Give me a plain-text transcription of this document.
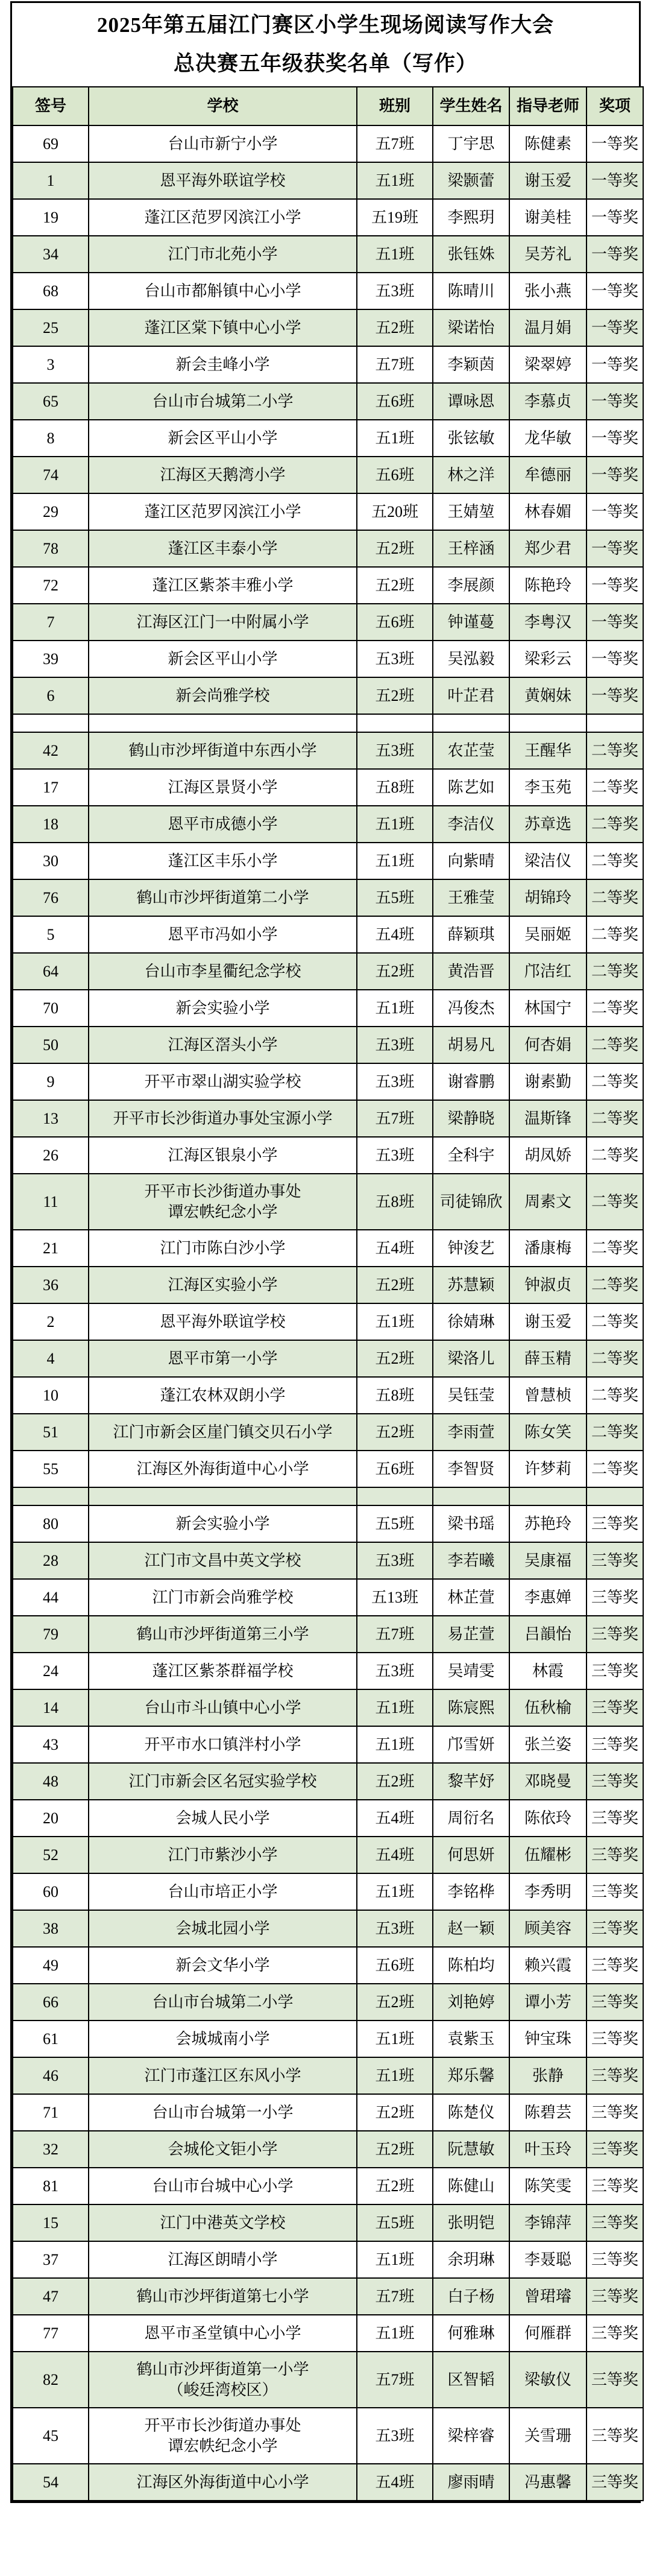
2025年第五届江门赛区小学生现场阅读写作大会
总决赛五年级获奖名单（写作）
签号	学校	班别	学生姓名	指导老师	奖项
69	台山市新宁小学	五7班	丁宇思	陈健素	一等奖
1	恩平海外联谊学校	五1班	梁颢蕾	谢玉爱	一等奖
19	蓬江区范罗冈滨江小学	五19班	李熙玥	谢美桂	一等奖
34	江门市北苑小学	五1班	张钰姝	吴芳礼	一等奖
68	台山市都斛镇中心小学	五3班	陈晴川	张小燕	一等奖
25	蓬江区棠下镇中心小学	五2班	梁诺怡	温月娟	一等奖
3	新会圭峰小学	五7班	李颖茵	梁翠婷	一等奖
65	台山市台城第二小学	五6班	谭咏恩	李慕贞	一等奖
8	新会区平山小学	五1班	张铉敏	龙华敏	一等奖
74	江海区天鹅湾小学	五6班	林之洋	牟德丽	一等奖
29	蓬江区范罗冈滨江小学	五20班	王婧堃	林春媚	一等奖
78	蓬江区丰泰小学	五2班	王梓涵	郑少君	一等奖
72	蓬江区紫茶丰雅小学	五2班	李展颜	陈艳玲	一等奖
7	江海区江门一中附属小学	五6班	钟谨蔓	李粤汉	一等奖
39	新会区平山小学	五3班	吴泓毅	梁彩云	一等奖
6	新会尚雅学校	五2班	叶芷君	黄娴妹	一等奖

42	鹤山市沙坪街道中东西小学	五3班	农芷莹	王醒华	二等奖
17	江海区景贤小学	五8班	陈艺如	李玉苑	二等奖
18	恩平市成德小学	五1班	李洁仪	苏章选	二等奖
30	蓬江区丰乐小学	五1班	向紫晴	梁洁仪	二等奖
76	鹤山市沙坪街道第二小学	五5班	王雅莹	胡锦玲	二等奖
5	恩平市冯如小学	五4班	薛颖琪	吴丽姬	二等奖
64	台山市李星衢纪念学校	五2班	黄浩晋	邝洁红	二等奖
70	新会实验小学	五1班	冯俊杰	林国宁	二等奖
50	江海区滘头小学	五3班	胡易凡	何杏娟	二等奖
9	开平市翠山湖实验学校	五3班	谢睿鹏	谢素勤	二等奖
13	开平市长沙街道办事处宝源小学	五7班	梁静晓	温斯锋	二等奖
26	江海区银泉小学	五3班	全科宇	胡凤娇	二等奖
11	开平市长沙街道办事处
谭宏帙纪念小学	五8班	司徒锦欣	周素文	二等奖
21	江门市陈白沙小学	五4班	钟浚艺	潘康梅	二等奖
36	江海区实验小学	五2班	苏慧颖	钟淑贞	二等奖
2	恩平海外联谊学校	五1班	徐婧琳	谢玉爱	二等奖
4	恩平市第一小学	五2班	梁洛儿	薛玉精	二等奖
10	蓬江农林双朗小学	五8班	吴钰莹	曾慧桢	二等奖
51	江门市新会区崖门镇交贝石小学	五2班	李雨萱	陈女笑	二等奖
55	江海区外海街道中心小学	五6班	李智贤	许梦莉	二等奖

80	新会实验小学	五5班	梁书瑶	苏艳玲	三等奖
28	江门市文昌中英文学校	五3班	李若曦	吴康福	三等奖
44	江门市新会尚雅学校	五13班	林芷萱	李惠婵	三等奖
79	鹤山市沙坪街道第三小学	五7班	易芷萱	吕韻怡	三等奖
24	蓬江区紫茶群福学校	五3班	吴靖雯	林霞	三等奖
14	台山市斗山镇中心小学	五1班	陈宸熙	伍秋榆	三等奖
43	开平市水口镇泮村小学	五1班	邝雪妍	张兰姿	三等奖
48	江门市新会区名冠实验学校	五2班	黎芊妤	邓晓曼	三等奖
20	会城人民小学	五4班	周衍名	陈依玲	三等奖
52	江门市紫沙小学	五4班	何思妍	伍耀彬	三等奖
60	台山市培正小学	五1班	李铭桦	李秀明	三等奖
38	会城北园小学	五3班	赵一颖	顾美容	三等奖
49	新会文华小学	五6班	陈柏均	赖兴霞	三等奖
66	台山市台城第二小学	五2班	刘艳婷	谭小芳	三等奖
61	会城城南小学	五1班	袁紫玉	钟宝珠	三等奖
46	江门市蓬江区东风小学	五1班	郑乐馨	张静	三等奖
71	台山市台城第一小学	五2班	陈楚仪	陈碧芸	三等奖
32	会城伦文钜小学	五2班	阮慧敏	叶玉玲	三等奖
81	台山市台城中心小学	五2班	陈健山	陈笑雯	三等奖
15	江门中港英文学校	五5班	张明铠	李锦萍	三等奖
37	江海区朗晴小学	五1班	余玥琳	李聂聪	三等奖
47	鹤山市沙坪街道第七小学	五7班	白子杨	曾珺璿	三等奖
77	恩平市圣堂镇中心小学	五1班	何雅琳	何雁群	三等奖
82	鹤山市沙坪街道第一小学
（峻廷湾校区）	五7班	区智韬	梁敏仪	三等奖
45	开平市长沙街道办事处
谭宏帙纪念小学	五3班	梁梓睿	关雪珊	三等奖
54	江海区外海街道中心小学	五4班	廖雨晴	冯惠馨	三等奖
